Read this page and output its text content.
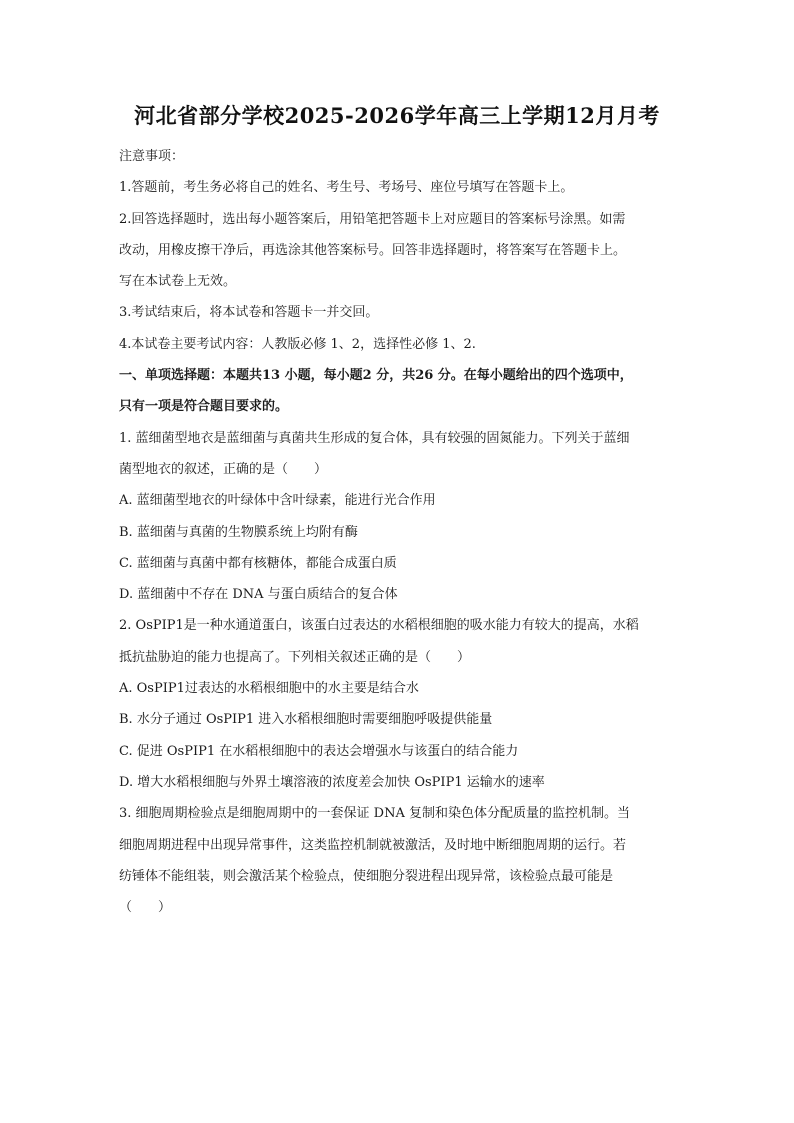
河北省部分学校2025-2026学年高三上学期12月月考
注意事项：
1.答题前，考生务必将自己的姓名、考生号、考场号、座位号填写在答题卡上。
2.回答选择题时，选出每小题答案后，用铅笔把答题卡上对应题目的答案标号涂黑。如需
改动，用橡皮擦干净后，再选涂其他答案标号。回答非选择题时，将答案写在答题卡上。
写在本试卷上无效。
3.考试结束后，将本试卷和答题卡一并交回。
4.本试卷主要考试内容：人教版必修 1、2，选择性必修 1、2.
一、单项选择题：本题共13 小题，每小题2 分，共26 分。在每小题给出的四个选项中，
只有一项是符合题目要求的。
1. 蓝细菌型地衣是蓝细菌与真菌共生形成的复合体，具有较强的固氮能力。下列关于蓝细
菌型地衣的叙述，正确的是（　　）
A. 蓝细菌型地衣的叶绿体中含叶绿素，能进行光合作用
B. 蓝细菌与真菌的生物膜系统上均附有酶
C. 蓝细菌与真菌中都有核糖体，都能合成蛋白质
D. 蓝细菌中不存在 DNA 与蛋白质结合的复合体
2. OsPIP1是一种水通道蛋白，该蛋白过表达的水稻根细胞的吸水能力有较大的提高，水稻
抵抗盐胁迫的能力也提高了。下列相关叙述正确的是（　　）
A. OsPIP1过表达的水稻根细胞中的水主要是结合水
B. 水分子通过 OsPIP1 进入水稻根细胞时需要细胞呼吸提供能量
C. 促进 OsPIP1 在水稻根细胞中的表达会增强水与该蛋白的结合能力
D. 增大水稻根细胞与外界土壤溶液的浓度差会加快 OsPIP1 运输水的速率
3. 细胞周期检验点是细胞周期中的一套保证 DNA 复制和染色体分配质量的监控机制。当
细胞周期进程中出现异常事件，这类监控机制就被激活，及时地中断细胞周期的运行。若
纺锤体不能组装，则会激活某个检验点，使细胞分裂进程出现异常，该检验点最可能是
（　　）
